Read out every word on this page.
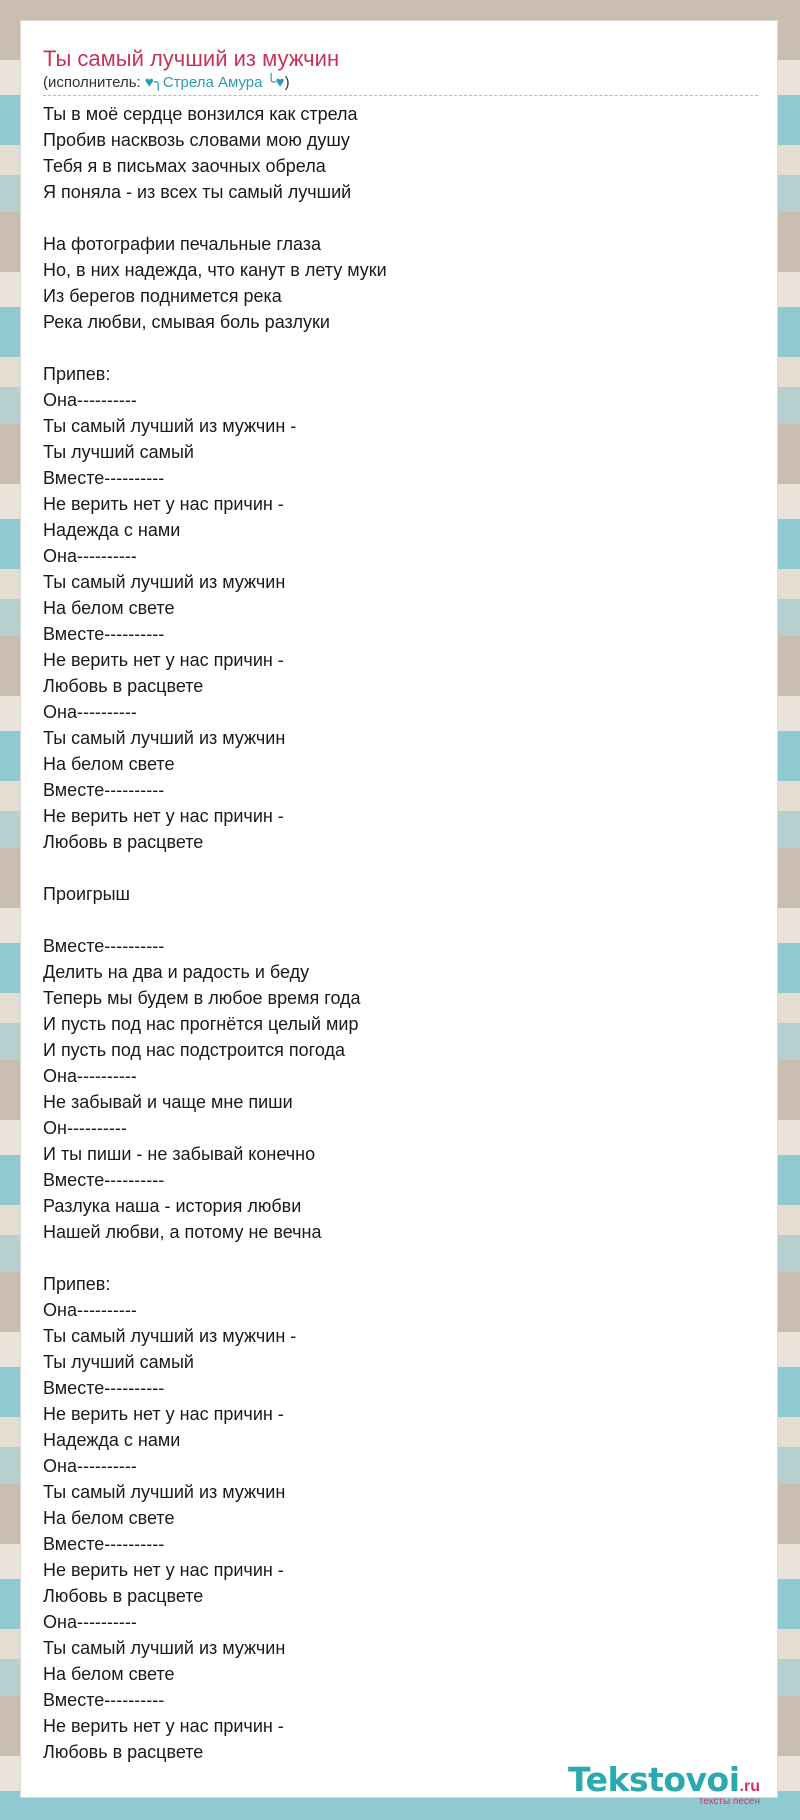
Ты самый лучший из мужчин
(исполнитель: ♥╮Стрела Амура ╰♥)
Ты в моё сердце вонзился как стрела
Пробив насквозь словами мою душу
Тебя я в письмах заочных обрела
Я поняла - из всех ты самый лучший
На фотографии печальные глаза
Но, в них надежда, что канут в лету муки
Из берегов поднимется река
Река любви, смывая боль разлуки
Припев:
Она----------
Ты самый лучший из мужчин -
Ты лучший самый
Вместе----------
Не верить нет у нас причин -
Надежда с нами
Она----------
Ты самый лучший из мужчин
На белом свете
Вместе----------
Не верить нет у нас причин -
Любовь в расцвете
Она----------
Ты самый лучший из мужчин
На белом свете
Вместе----------
Не верить нет у нас причин -
Любовь в расцвете
Проигрыш
Вместе----------
Делить на два и радость и беду
Теперь мы будем в любое время года
И пусть под нас прогнётся целый мир
И пусть под нас подстроится погода
Она----------
Не забывай и чаще мне пиши
Он----------
И ты пиши - не забывай конечно
Вместе----------
Разлука наша - история любви
Нашей любви, а потому не вечна
Припев:
Она----------
Ты самый лучший из мужчин -
Ты лучший самый
Вместе----------
Не верить нет у нас причин -
Надежда с нами
Она----------
Ты самый лучший из мужчин
На белом свете
Вместе----------
Не верить нет у нас причин -
Любовь в расцвете
Она----------
Ты самый лучший из мужчин
На белом свете
Вместе----------
Не верить нет у нас причин -
Любовь в расцвете
Tekstovoi.ru
тексты песен
